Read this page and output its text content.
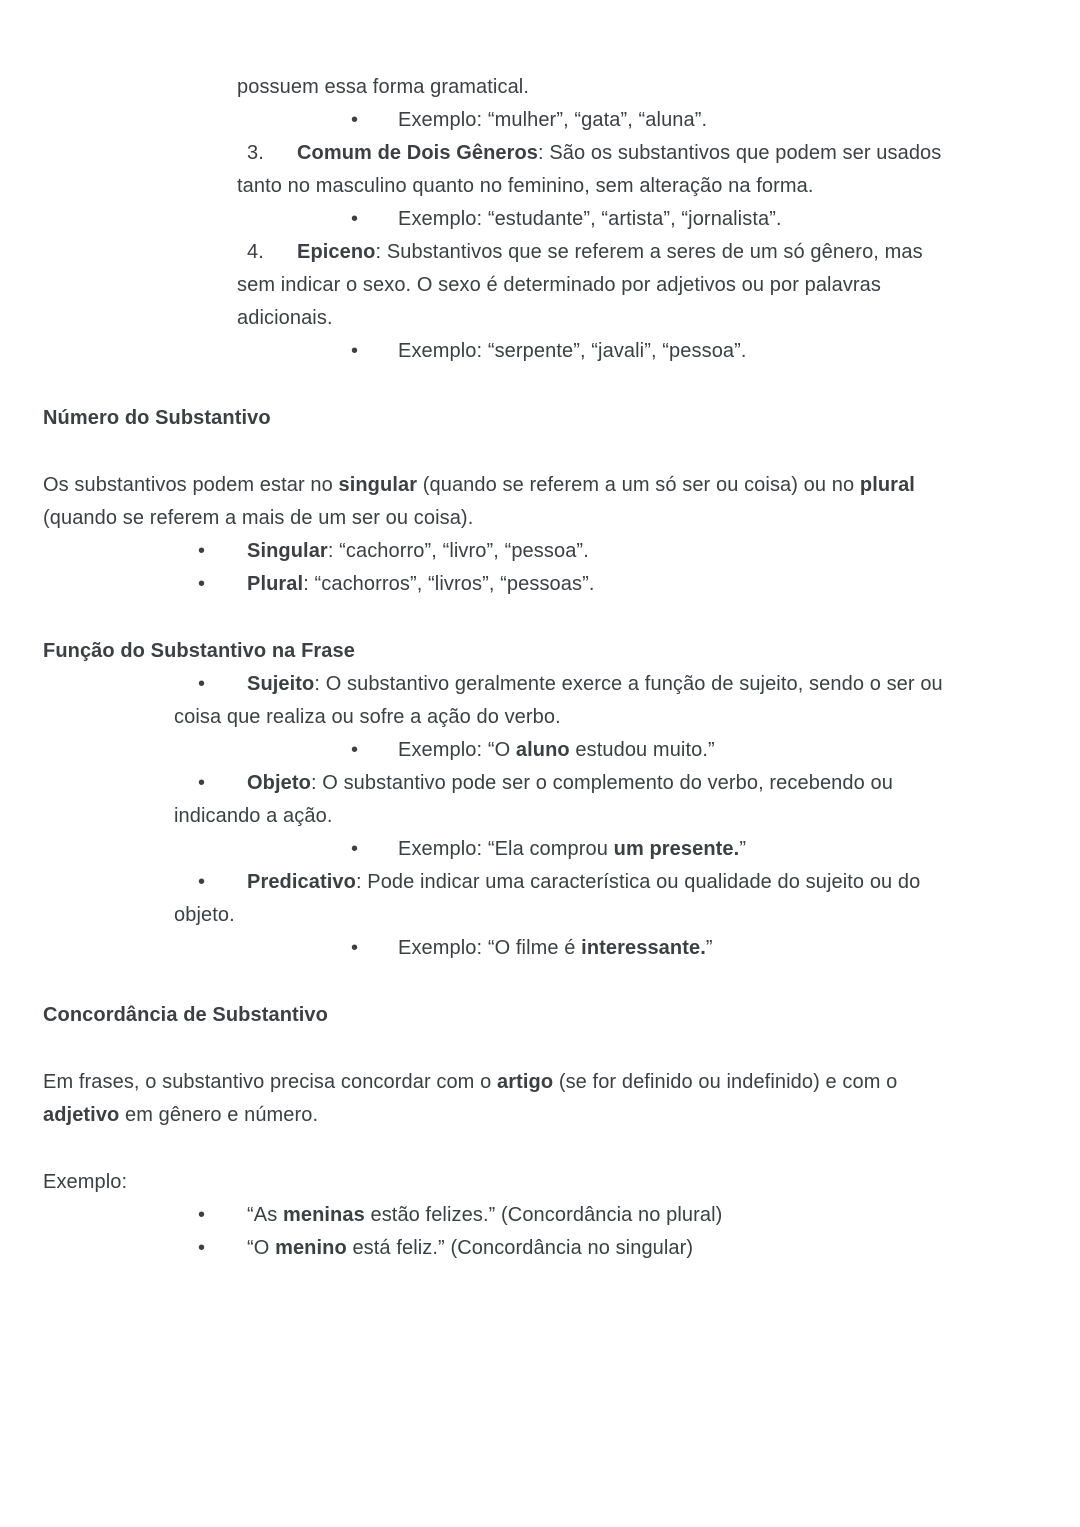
possuem essa forma gramatical.
• Exemplo: “mulher”, “gata”, “aluna”.
3. Comum de Dois Gêneros: São os substantivos que podem ser usados
tanto no masculino quanto no feminino, sem alteração na forma.
• Exemplo: “estudante”, “artista”, “jornalista”.
4. Epiceno: Substantivos que se referem a seres de um só gênero, mas
sem indicar o sexo. O sexo é determinado por adjetivos ou por palavras
adicionais.
• Exemplo: “serpente”, “javali”, “pessoa”.
Número do Substantivo
Os substantivos podem estar no singular (quando se referem a um só ser ou coisa) ou no plural
(quando se referem a mais de um ser ou coisa).
• Singular: “cachorro”, “livro”, “pessoa”.
• Plural: “cachorros”, “livros”, “pessoas”.
Função do Substantivo na Frase
• Sujeito: O substantivo geralmente exerce a função de sujeito, sendo o ser ou
coisa que realiza ou sofre a ação do verbo.
• Exemplo: “O aluno estudou muito.”
• Objeto: O substantivo pode ser o complemento do verbo, recebendo ou
indicando a ação.
• Exemplo: “Ela comprou um presente.”
• Predicativo: Pode indicar uma característica ou qualidade do sujeito ou do
objeto.
• Exemplo: “O filme é interessante.”
Concordância de Substantivo
Em frases, o substantivo precisa concordar com o artigo (se for definido ou indefinido) e com o
adjetivo em gênero e número.
Exemplo:
• “As meninas estão felizes.” (Concordância no plural)
• “O menino está feliz.” (Concordância no singular)
